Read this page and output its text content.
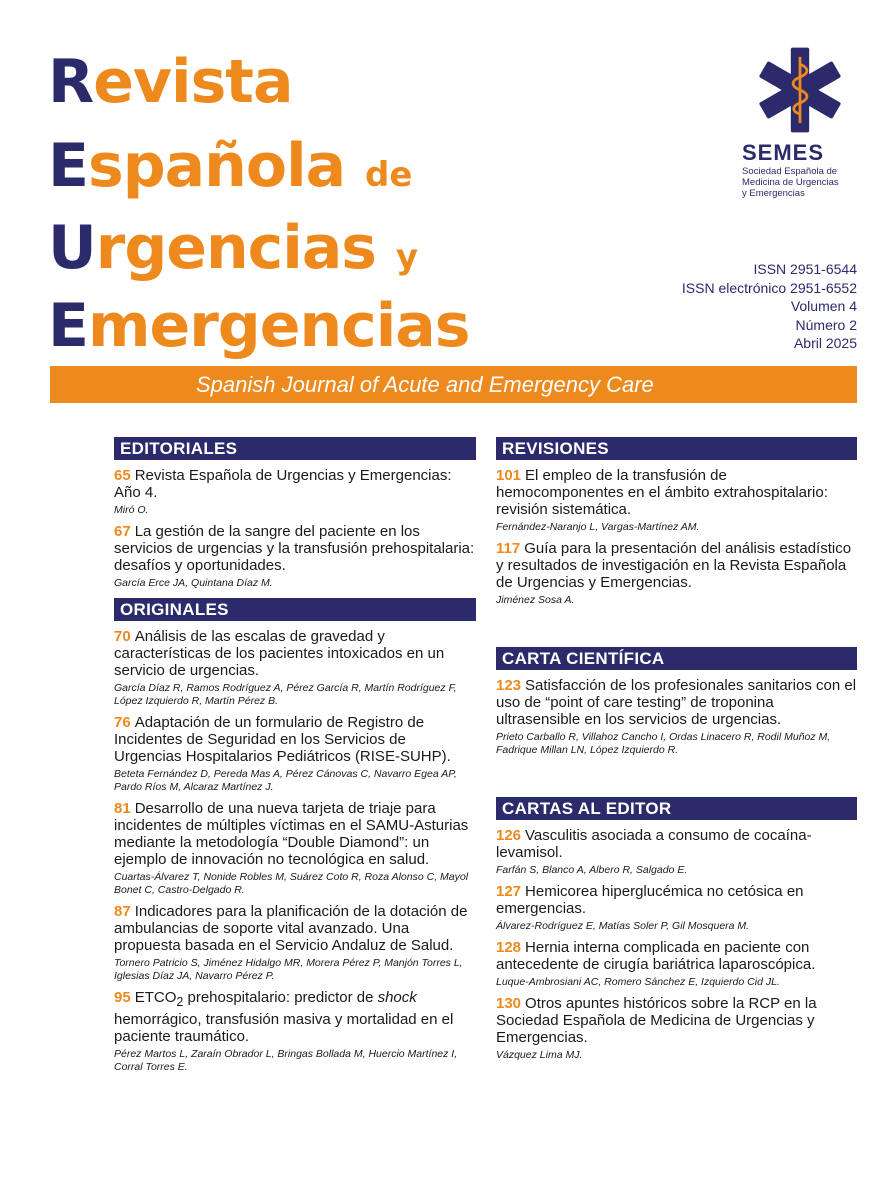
Revista
Española de
Urgencias y
Emergencias
SEMES
Sociedad Española de
Medicina de Urgencias
y Emergencias
ISSN 2951-6544
ISSN electrónico 2951-6552
Volumen 4
Número 2
Abril 2025
Spanish Journal of Acute and Emergency Care
EDITORIALES
65 Revista Española de Urgencias y Emergencias: Año 4.
Miró O.
67 La gestión de la sangre del paciente en los servicios de urgencias y la transfusión prehospitalaria: desafíos y oportunidades.
García Erce JA, Quintana Díaz M.
ORIGINALES
70 Análisis de las escalas de gravedad y características de los pacientes intoxicados en un servicio de urgencias.
García Díaz R, Ramos Rodríguez A, Pérez García R, Martín Rodríguez F, López Izquierdo R, Martín Pérez B.
76 Adaptación de un formulario de Registro de Incidentes de Seguridad en los Servicios de Urgencias Hospitalarios Pediátricos (RISE-SUHP).
Beteta Fernández D, Pereda Mas A, Pérez Cánovas C, Navarro Egea AP, Pardo Ríos M, Alcaraz Martínez J.
81 Desarrollo de una nueva tarjeta de triaje para incidentes de múltiples víctimas en el SAMU-Asturias mediante la metodología “Double Diamond”: un ejemplo de innovación no tecnológica en salud.
Cuartas-Álvarez T, Nonide Robles M, Suárez Coto R, Roza Alonso C, Mayol Bonet C, Castro-Delgado R.
87 Indicadores para la planificación de la dotación de ambulancias de soporte vital avanzado. Una propuesta basada en el Servicio Andaluz de Salud.
Tornero Patricio S, Jiménez Hidalgo MR, Morera Pérez P, Manjón Torres L, Iglesias Díaz JA, Navarro Pérez P.
95 $ETCO_2$ prehospitalario: predictor de shock hemorrágico, transfusión masiva y mortalidad en el paciente traumático.
Pérez Martos L, Zaraín Obrador L, Bringas Bollada M, Huercio Martínez I, Corral Torres E.
REVISIONES
101 El empleo de la transfusión de hemocomponentes en el ámbito extrahospitalario: revisión sistemática.
Fernández-Naranjo L, Vargas-Martínez AM.
117 Guía para la presentación del análisis estadístico y resultados de investigación en la Revista Española de Urgencias y Emergencias.
Jiménez Sosa A.
CARTA CIENTÍFICA
123 Satisfacción de los profesionales sanitarios con el uso de “point of care testing” de troponina ultrasensible en los servicios de urgencias.
Prieto Carballo R, Villahoz Cancho I, Ordas Linacero R, Rodil Muñoz M, Fadrique Millan LN, López Izquierdo R.
CARTAS AL EDITOR
126 Vasculitis asociada a consumo de cocaína-levamisol.
Farfán S, Blanco A, Albero R, Salgado E.
127 Hemicorea hiperglucémica no cetósica en emergencias.
Álvarez-Rodríguez E, Matías Soler P, Gil Mosquera M.
128 Hernia interna complicada en paciente con antecedente de cirugía bariátrica laparoscópica.
Luque-Ambrosiani AC, Romero Sánchez E, Izquierdo Cid JL.
130 Otros apuntes históricos sobre la RCP en la Sociedad Española de Medicina de Urgencias y Emergencias.
Vázquez Lima MJ.
